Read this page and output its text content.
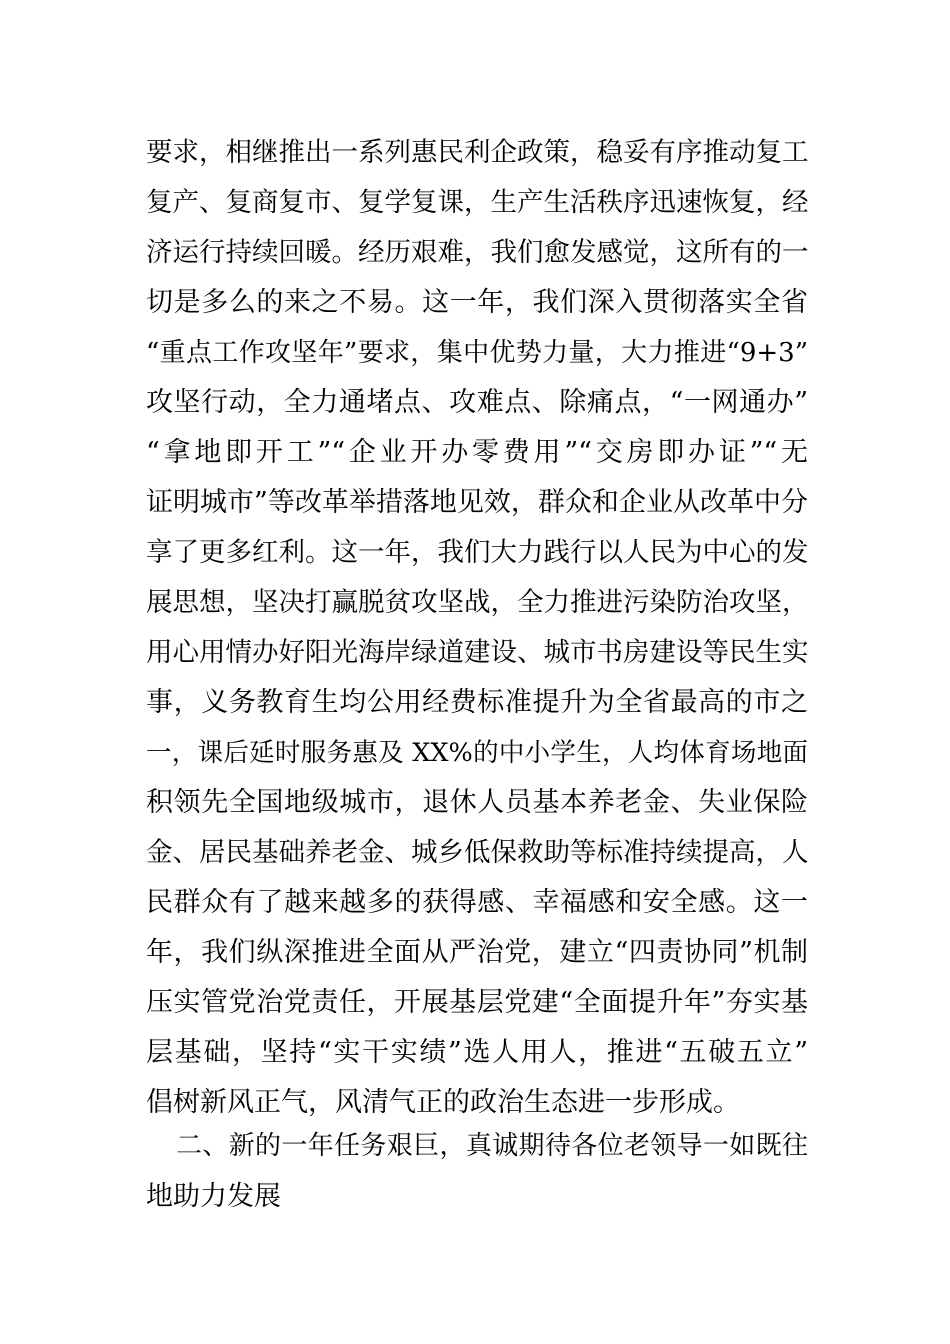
要求，相继推出一系列惠民利企政策，稳妥有序推动复工

复产、复商复市、复学复课，生产生活秩序迅速恢复，经

济运行持续回暖。经历艰难，我们愈发感觉，这所有的一

切是多么的来之不易。这一年，我们深入贯彻落实全省

“重点工作攻坚年”要求，集中优势力量，大力推进“9+3”

攻坚行动，全力通堵点、攻难点、除痛点，“一网通办”

“拿地即开工”“企业开办零费用”“交房即办证”“无

证明城市”等改革举措落地见效，群众和企业从改革中分

享了更多红利。这一年，我们大力践行以人民为中心的发

展思想，坚决打赢脱贫攻坚战，全力推进污染防治攻坚，

用心用情办好阳光海岸绿道建设、城市书房建设等民生实

事，义务教育生均公用经费标准提升为全省最高的市之

一，课后延时服务惠及 XX%的中小学生，人均体育场地面

积领先全国地级城市，退休人员基本养老金、失业保险

金、居民基础养老金、城乡低保救助等标准持续提高，人

民群众有了越来越多的获得感、幸福感和安全感。这一

年，我们纵深推进全面从严治党，建立“四责协同”机制

压实管党治党责任，开展基层党建“全面提升年”夯实基

层基础，坚持“实干实绩”选人用人，推进“五破五立”

倡树新风正气，风清气正的政治生态进一步形成。

二、新的一年任务艰巨，真诚期待各位老领导一如既往

地助力发展
